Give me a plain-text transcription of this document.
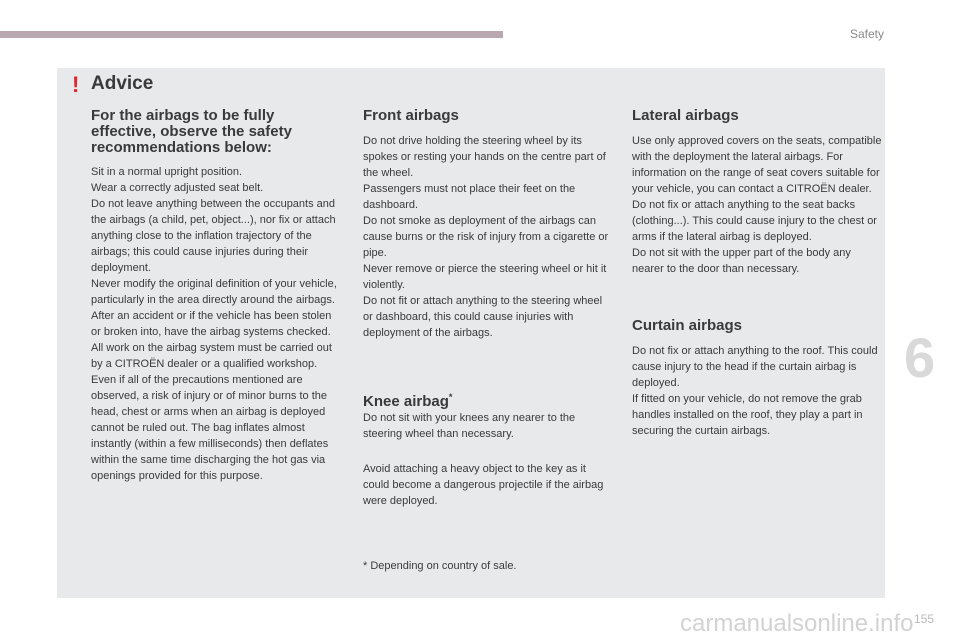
Safety
! Advice
For the airbags to be fully effective, observe the safety recommendations below:
Sit in a normal upright position.
Wear a correctly adjusted seat belt.
Do not leave anything between the occupants and the airbags (a child, pet, object...), nor fix or attach anything close to the inflation trajectory of the airbags; this could cause injuries during their deployment.
Never modify the original definition of your vehicle, particularly in the area directly around the airbags.
After an accident or if the vehicle has been stolen or broken into, have the airbag systems checked.
All work on the airbag system must be carried out by a CITROËN dealer or a qualified workshop.
Even if all of the precautions mentioned are observed, a risk of injury or of minor burns to the head, chest or arms when an airbag is deployed cannot be ruled out. The bag inflates almost instantly (within a few milliseconds) then deflates within the same time discharging the hot gas via openings provided for this purpose.
Front airbags
Do not drive holding the steering wheel by its spokes or resting your hands on the centre part of the wheel.
Passengers must not place their feet on the dashboard.
Do not smoke as deployment of the airbags can cause burns or the risk of injury from a cigarette or pipe.
Never remove or pierce the steering wheel or hit it violently.
Do not fit or attach anything to the steering wheel or dashboard, this could cause injuries with deployment of the airbags.
Knee airbag*
Do not sit with your knees any nearer to the steering wheel than necessary.
Avoid attaching a heavy object to the key as it could become a dangerous projectile if the airbag were deployed.
* Depending on country of sale.
Lateral airbags
Use only approved covers on the seats, compatible with the deployment the lateral airbags. For information on the range of seat covers suitable for your vehicle, you can contact a CITROËN dealer.
Do not fix or attach anything to the seat backs (clothing...). This could cause injury to the chest or arms if the lateral airbag is deployed.
Do not sit with the upper part of the body any nearer to the door than necessary.
Curtain airbags
Do not fix or attach anything to the roof. This could cause injury to the head if the curtain airbag is deployed.
If fitted on your vehicle, do not remove the grab handles installed on the roof, they play a part in securing the curtain airbags.
6
carmanualsonline.info 155
